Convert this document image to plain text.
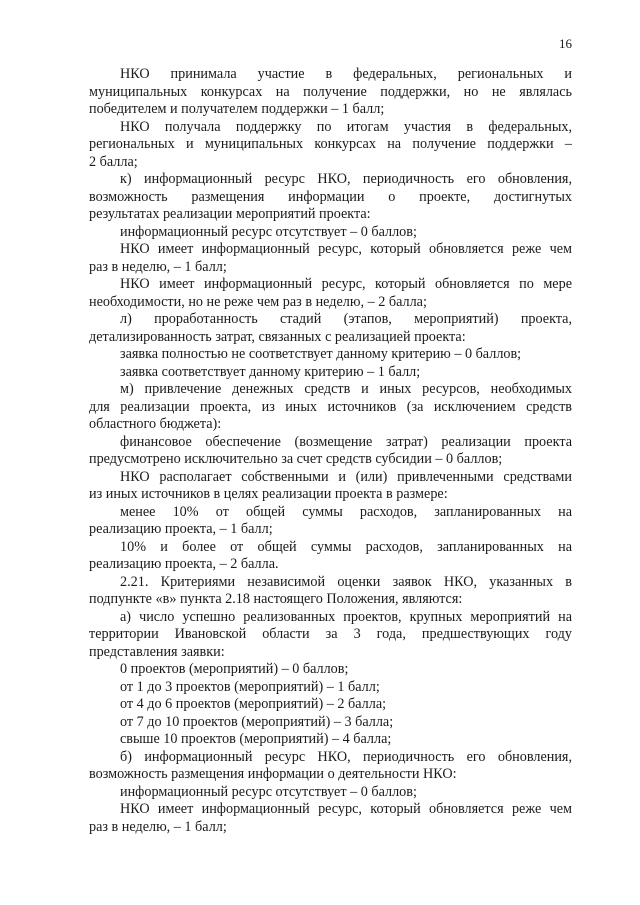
16
НКО принимала участие в федеральных, региональных и
муниципальных конкурсах на получение поддержки, но не являлась
победителем и получателем поддержки – 1 балл;
НКО получала поддержку по итогам участия в федеральных,
региональных и муниципальных конкурсах на получение поддержки –
2 балла;
к) информационный ресурс НКО, периодичность его обновления,
возможность размещения информации о проекте, достигнутых
результатах реализации мероприятий проекта:
информационный ресурс отсутствует – 0 баллов;
НКО имеет информационный ресурс, который обновляется реже чем
раз в неделю, – 1 балл;
НКО имеет информационный ресурс, который обновляется по мере
необходимости, но не реже чем раз в неделю, – 2 балла;
л) проработанность стадий (этапов, мероприятий) проекта,
детализированность затрат, связанных с реализацией проекта:
заявка полностью не соответствует данному критерию – 0 баллов;
заявка соответствует данному критерию – 1 балл;
м) привлечение денежных средств и иных ресурсов, необходимых
для реализации проекта, из иных источников (за исключением средств
областного бюджета):
финансовое обеспечение (возмещение затрат) реализации проекта
предусмотрено исключительно за счет средств субсидии – 0 баллов;
НКО располагает собственными и (или) привлеченными средствами
из иных источников в целях реализации проекта в размере:
менее 10% от общей суммы расходов, запланированных на
реализацию проекта, – 1 балл;
10% и более от общей суммы расходов, запланированных на
реализацию проекта, – 2 балла.
2.21. Критериями независимой оценки заявок НКО, указанных в
подпункте «в» пункта 2.18 настоящего Положения, являются:
а) число успешно реализованных проектов, крупных мероприятий на
территории Ивановской области за 3 года, предшествующих году
представления заявки:
0 проектов (мероприятий) – 0 баллов;
от 1 до 3 проектов (мероприятий) – 1 балл;
от 4 до 6 проектов (мероприятий) – 2 балла;
от 7 до 10 проектов (мероприятий) – 3 балла;
свыше 10 проектов (мероприятий) – 4 балла;
б) информационный ресурс НКО, периодичность его обновления,
возможность размещения информации о деятельности НКО:
информационный ресурс отсутствует – 0 баллов;
НКО имеет информационный ресурс, который обновляется реже чем
раз в неделю, – 1 балл;
